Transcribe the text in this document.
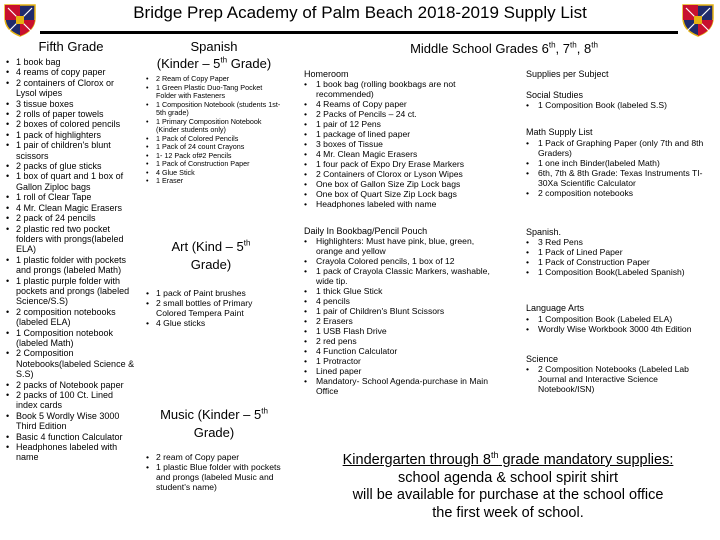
Bridge Prep Academy of Palm Beach 2018-2019 Supply List
Fifth Grade
• 1 book bag
• 4 reams of copy paper
• 2 containers of Clorox or Lysol wipes
• 3 tissue boxes
• 2 rolls of paper towels
• 2 boxes of colored pencils
• 1 pack of highlighters
• 1 pair of children's blunt scissors
• 2 packs of glue sticks
• 1 box of quart and 1 box of Gallon Ziploc bags
• 1 roll of Clear Tape
• 4 Mr. Clean Magic Erasers
• 2 pack of 24 pencils
• 2 plastic red two pocket folders with prongs(labeled ELA)
• 1 plastic folder with pockets and prongs (labeled Math)
• 1 plastic purple folder with pockets and prongs (labeled Science/S.S)
• 2 composition notebooks (labeled ELA)
• 1 Composition notebook (labeled Math)
• 2 Composition Notebooks(labeled Science & S.S)
• 2 packs of Notebook paper
• 2 packs of 100 Ct. Lined index cards
• Book 5 Wordly Wise 3000 Third Edition
• Basic 4 function Calculator
• Headphones labeled with name
Spanish
(Kinder – 5th Grade)
• 2 Ream of Copy Paper
• 1 Green Plastic Duo-Tang Pocket Folder with Fasteners
• 1 Composition Notebook (students 1st-5th grade)
• 1 Primary Composition Notebook (Kinder students only)
• 1 Pack of Colored Pencils
• 1 Pack of 24 count Crayons
• 1- 12 Pack of#2 Pencils
• 1 Pack of Construction Paper
• 4 Glue Stick
• 1 Eraser
Art (Kind – 5th
Grade)
• 1 pack of Paint brushes
• 2 small bottles of Primary Colored Tempera Paint
• 4 Glue sticks
Music (Kinder – 5th
Grade)
• 2 ream of Copy paper
• 1 plastic Blue folder with pockets and prongs (labeled Music and student's name)
Middle School Grades 6th, 7th, 8th
Homeroom
• 1 book bag (rolling bookbags are not recommended)
• 4 Reams of Copy paper
• 2 Packs of Pencils – 24 ct.
• 1 pair of 12 Pens
• 1 package of lined paper
• 3 boxes of Tissue
• 4 Mr. Clean Magic Erasers
• 1 four pack of Expo Dry Erase Markers
• 2 Containers of Clorox or Lyson Wipes
• One box of Gallon Size Zip Lock bags
• One box of Quart Size Zip Lock bags
• Headphones labeled with name
Daily In Bookbag/Pencil Pouch
• Highlighters: Must have pink, blue, green, orange and yellow
• Crayola Colored pencils, 1 box of 12
• 1 pack of Crayola Classic Markers, washable, wide tip.
• 1 thick Glue Stick
• 4 pencils
• 1 pair of Children's Blunt Scissors
• 2 Erasers
• 1 USB Flash Drive
• 2 red pens
• 4 Function Calculator
• 1 Protractor
• Lined paper
• Mandatory- School Agenda-purchase in Main Office
Supplies per Subject
Social Studies
• 1 Composition Book (labeled S.S)
Math Supply List
• 1 Pack of Graphing Paper (only 7th and 8th Graders)
• 1 one inch Binder(labeled Math)
• 6th, 7th & 8th Grade: Texas Instruments TI-30Xa Scientific Calculator
• 2 composition notebooks
Spanish.
• 3 Red Pens
• 1 Pack of Lined Paper
• 1 Pack of Construction Paper
• 1 Composition Book(Labeled Spanish)
Language Arts
• 1 Composition Book (Labeled ELA)
• Wordly Wise Workbook 3000 4th Edition
Science
• 2 Composition Notebooks (Labeled Lab Journal and Interactive Science Notebook/ISN)
Kindergarten through 8th grade mandatory supplies:
school agenda & school spirit shirt
will be available for purchase at the school office
the first week of school.
